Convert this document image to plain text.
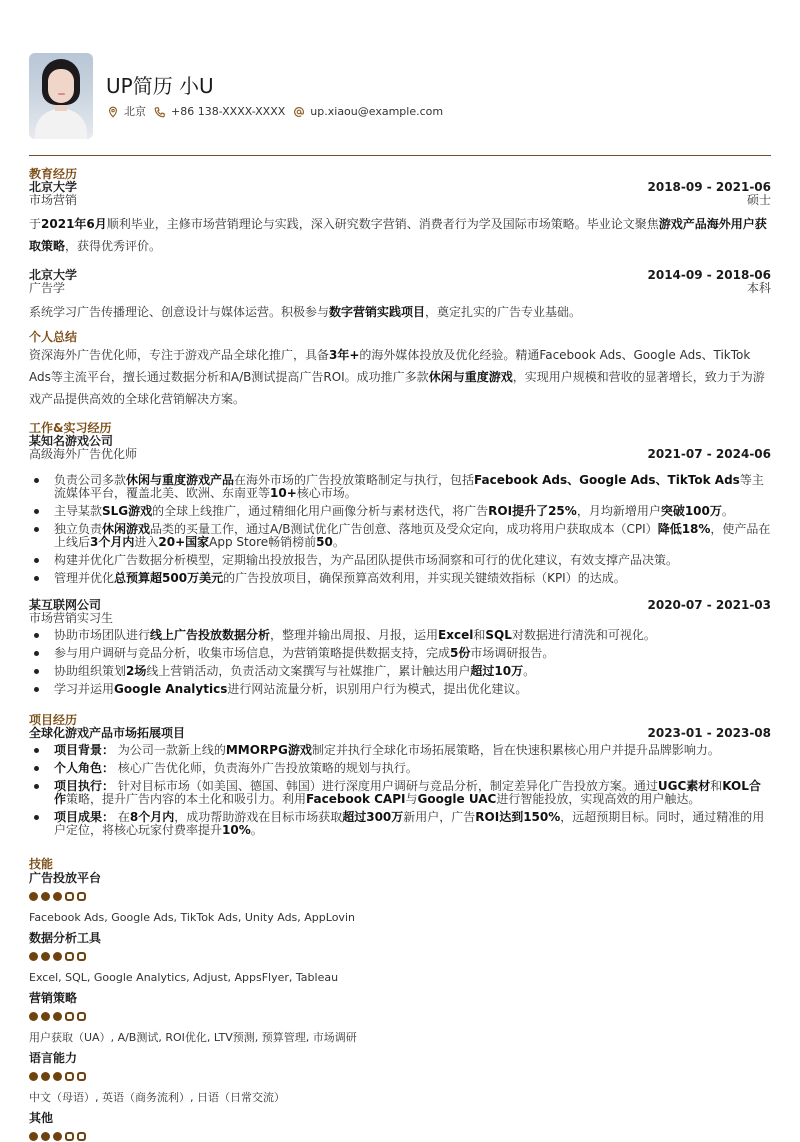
UP简历 小U
北京 +86 138-XXXX-XXXX up.xiaou@example.com
教育经历
北京大学
市场营销
2018-09 - 2021-06
硕士

于2021年6月顺利毕业，主修市场营销理论与实践，深入研究数字营销、消费者行为学及国际市场策略。毕业论文聚焦游戏产品海外用户获取策略，获得优秀评价。

北京大学
广告学
2014-09 - 2018-06
本科

系统学习广告传播理论、创意设计与媒体运营。积极参与数字营销实践项目，奠定扎实的广告专业基础。

个人总结

资深海外广告优化师，专注于游戏产品全球化推广，具备3年+的海外媒体投放及优化经验。精通Facebook Ads、Google Ads、TikTok Ads等主流平台，擅长通过数据分析和A/B测试提高广告ROI。成功推广多款休闲与重度游戏，实现用户规模和营收的显著增长，致力于为游戏产品提供高效的全球化营销解决方案。

工作&实习经历
某知名游戏公司
高级海外广告优化师	2021-07 - 2024-06
负责公司多款休闲与重度游戏产品在海外市场的广告投放策略制定与执行，包括Facebook Ads、Google Ads、TikTok Ads等主流媒体平台，覆盖北美、欧洲、东南亚等10+核心市场。
主导某款SLG游戏的全球上线推广，通过精细化用户画像分析与素材迭代，将广告ROI提升了25%，月均新增用户突破100万。
独立负责休闲游戏品类的买量工作，通过A/B测试优化广告创意、落地页及受众定向，成功将用户获取成本（CPI）降低18%，使产品在上线后3个月内进入20+国家App Store畅销榜前50。
构建并优化广告数据分析模型，定期输出投放报告，为产品团队提供市场洞察和可行的优化建议，有效支撑产品决策。
管理并优化总预算超500万美元的广告投放项目，确保预算高效利用，并实现关键绩效指标（KPI）的达成。
某互联网公司
市场营销实习生
2020-07 - 2021-03
协助市场团队进行线上广告投放数据分析，整理并输出周报、月报，运用Excel和SQL对数据进行清洗和可视化。
参与用户调研与竞品分析，收集市场信息，为营销策略提供数据支持，完成5份市场调研报告。
协助组织策划2场线上营销活动，负责活动文案撰写与社媒推广，累计触达用户超过10万。
学习并运用Google Analytics进行网站流量分析，识别用户行为模式，提出优化建议。
项目经历
全球化游戏产品市场拓展项目	2023-01 - 2023-08
项目背景： 为公司一款新上线的MMORPG游戏制定并执行全球化市场拓展策略，旨在快速积累核心用户并提升品牌影响力。
个人角色： 核心广告优化师，负责海外广告投放策略的规划与执行。
项目执行： 针对目标市场（如美国、德国、韩国）进行深度用户调研与竞品分析，制定差异化广告投放方案。通过UGC素材和KOL合作策略，提升广告内容的本土化和吸引力。利用Facebook CAPI与Google UAC进行智能投放，实现高效的用户触达。
项目成果： 在8个月内，成功帮助游戏在目标市场获取超过300万新用户，广告ROI达到150%，远超预期目标。同时，通过精准的用户定位，将核心玩家付费率提升10%。
技能
广告投放平台
Facebook Ads, Google Ads, TikTok Ads, Unity Ads, AppLovin
数据分析工具
Excel, SQL, Google Analytics, Adjust, AppsFlyer, Tableau
营销策略
用户获取（UA）, A/B测试, ROI优化, LTV预测, 预算管理, 市场调研
语言能力
中文（母语）, 英语（商务流利）, 日语（日常交流）
其他
